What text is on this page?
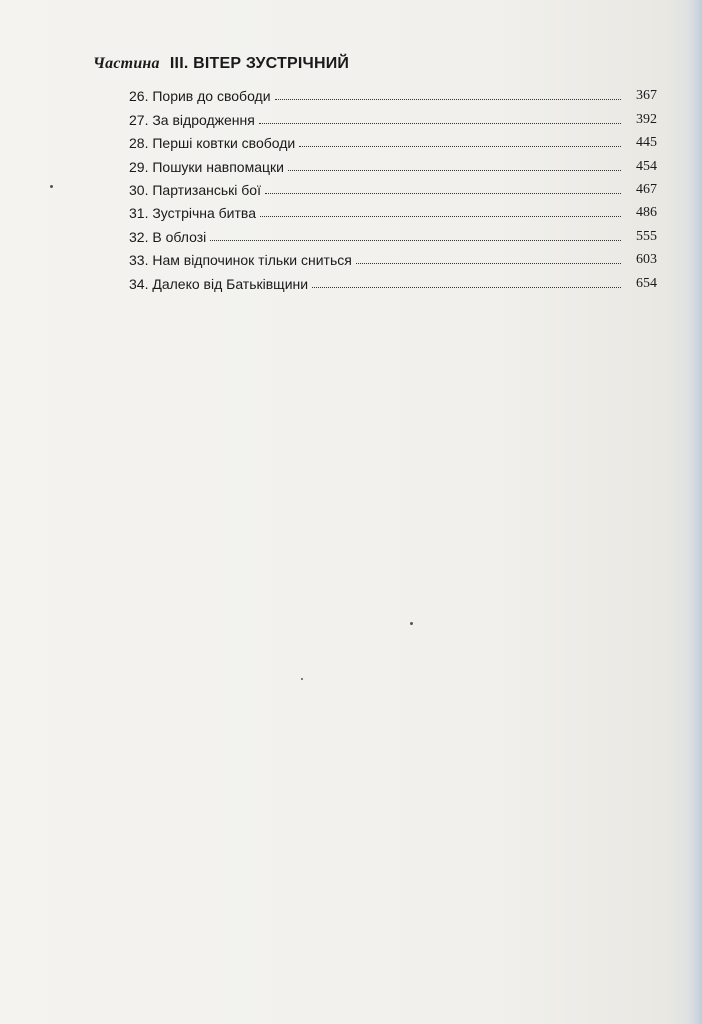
Частина III. ВІТЕР ЗУСТРІЧНИЙ
26. Порив до свободи	367
27. За відродження	392
28. Перші ковтки свободи	445
29. Пошуки навпомацки	454
30. Партизанські бої	467
31. Зустрічна битва	486
32. В облозі	555
33. Нам відпочинок тільки сниться	603
34. Далеко від Батьківщини	654
